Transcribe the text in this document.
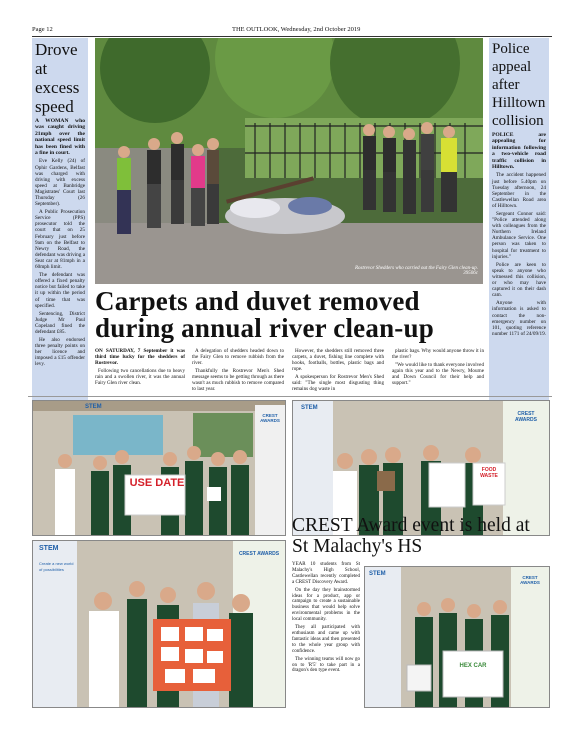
Page 12	THE OUTLOOK, Wednesday, 2nd October 2019
Drove at excess speed

A WOMAN who was caught driving 21mph over the national speed limit has been fined with a fine in court.

Eve Kelly (24) of Ophir Gardens, Belfast was charged with driving with excess speed at Banbridge Magistrates' Court last Thursday (26 September).

A Public Prosecution Service (PPS) prosecutor told the court that on 25 February just before 9am on the Belfast to Newry Road, the defendant was driving a Seat car at 81mph in a 60mph limit.

The defendant was offered a fixed penalty notice but failed to take it up within the period of time that was specified.

Sentencing, District Judge Mr Paul Copeland fined the defendant £85.

He also endorsed three penalty points on her licence and imposed a £15 offender levy.

Police appeal after Hilltown collision

POLICE are appealing for information following a two-vehicle road traffic collision in Hilltown.

The accident happened just before 5.40pm on Tuesday afternoon, 24 September in the Castlewellan Road area of Hilltown.

Sergeant Connor said: "Police attended along with colleagues from the Northern Ireland Ambulance Service. One person was taken to hospital for treatment to injuries."

Police are keen to speak to anyone who witnessed this collision, or who may have captured it on their dash cam.

Anyone with information is asked to contact the non-emergency number on 101, quoting reference number 1171 of 24/09/19.

Rostrevor Shedders who carried out the Fairy Glen clean-up. 39506c
Carpets and duvet removed during annual river clean-up

ON SATURDAY, 7 September it was third time lucky for the shedders of Rostrevor.

Following two cancellations due to heavy rain and a swollen river, it was the annual Fairy Glen river clean.

A delegation of shedders headed down to the Fairy Glen to remove rubbish from the river.

Thankfully the Rostrevor Men's Shed message seems to be getting through as there wasn't as much rubbish to remove compared to last year.

However, the shedders still removed three carpets, a duvet, fishing line complete with hooks, footballs, bottles, plastic bags and rope.

A spokesperson for Rostrevor Men's Shed said: "The single most disgusting thing remains dog waste in

plastic bags. Why would anyone throw it in the river?

"We would like to thank everyone involved again this year and to the Newry, Mourne and Down Council for their help and support."

USE DATE
STEM
CREST AWARDS
FOOD WASTE
STEM
CREST AWARDS
CREST Award event is held at St Malachy's HS
STEM
Create a new world
of possibilities
CREST AWARDS

YEAR 10 students from St Malachy's High School, Castlewellan recently completed a CREST Discovery Award.

On the day they brainstormed ideas for a product, app or campaign to create a sustainable business that would help solve environmental problems in the local community.

They all participated with enthusiasm and came up with fantastic ideas and then presented to the whole year group with confidence.

The winning teams will now go on to 'R'5' to take part in a dragon's den type event.

HEX CAR
STEM
CREST AWARDS
